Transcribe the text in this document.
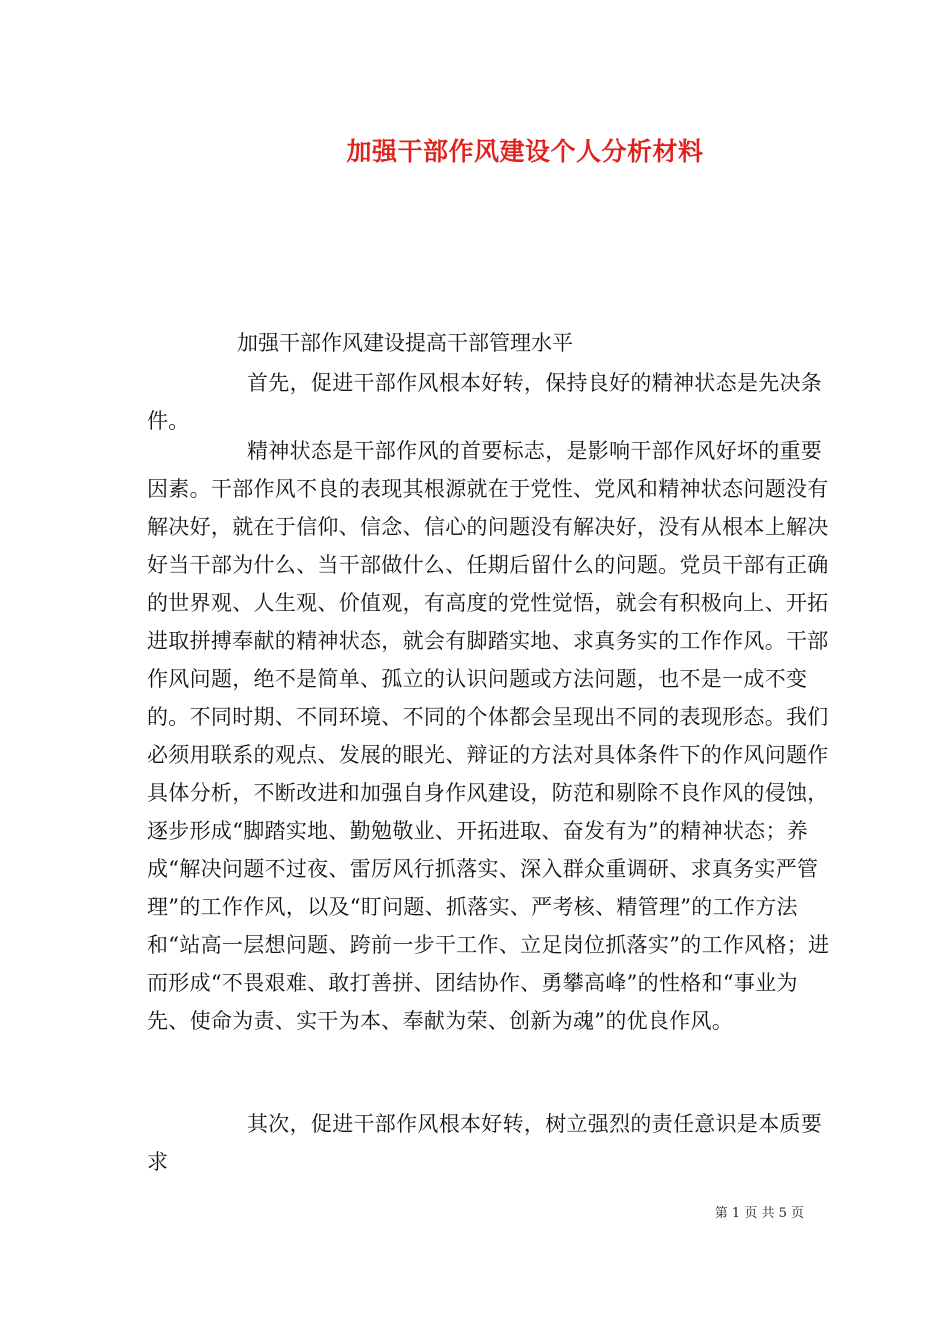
加强干部作风建设个人分析材料
加强干部作风建设提高干部管理水平

首先，促进干部作风根本好转，保持良好的精神状态是先决条件。

精神状态是干部作风的首要标志，是影响干部作风好坏的重要因素。干部作风不良的表现其根源就在于党性、党风和精神状态问题没有解决好，就在于信仰、信念、信心的问题没有解决好，没有从根本上解决好当干部为什么、当干部做什么、任期后留什么的问题。党员干部有正确的世界观、人生观、价值观，有高度的党性觉悟，就会有积极向上、开拓进取拼搏奉献的精神状态，就会有脚踏实地、求真务实的工作作风。干部作风问题，绝不是简单、孤立的认识问题或方法问题，也不是一成不变的。不同时期、不同环境、不同的个体都会呈现出不同的表现形态。我们必须用联系的观点、发展的眼光、辩证的方法对具体条件下的作风问题作具体分析，不断改进和加强自身作风建设，防范和剔除不良作风的侵蚀，逐步形成“脚踏实地、勤勉敬业、开拓进取、奋发有为”的精神状态；养成“解决问题不过夜、雷厉风行抓落实、深入群众重调研、求真务实严管理”的工作作风，以及“盯问题、抓落实、严考核、精管理”的工作方法和“站高一层想问题、跨前一步干工作、立足岗位抓落实”的工作风格；进而形成“不畏艰难、敢打善拼、团结协作、勇攀高峰”的性格和“事业为先、使命为责、实干为本、奉献为荣、创新为魂”的优良作风。

其次，促进干部作风根本好转，树立强烈的责任意识是本质要求

第 1 页 共 5 页
